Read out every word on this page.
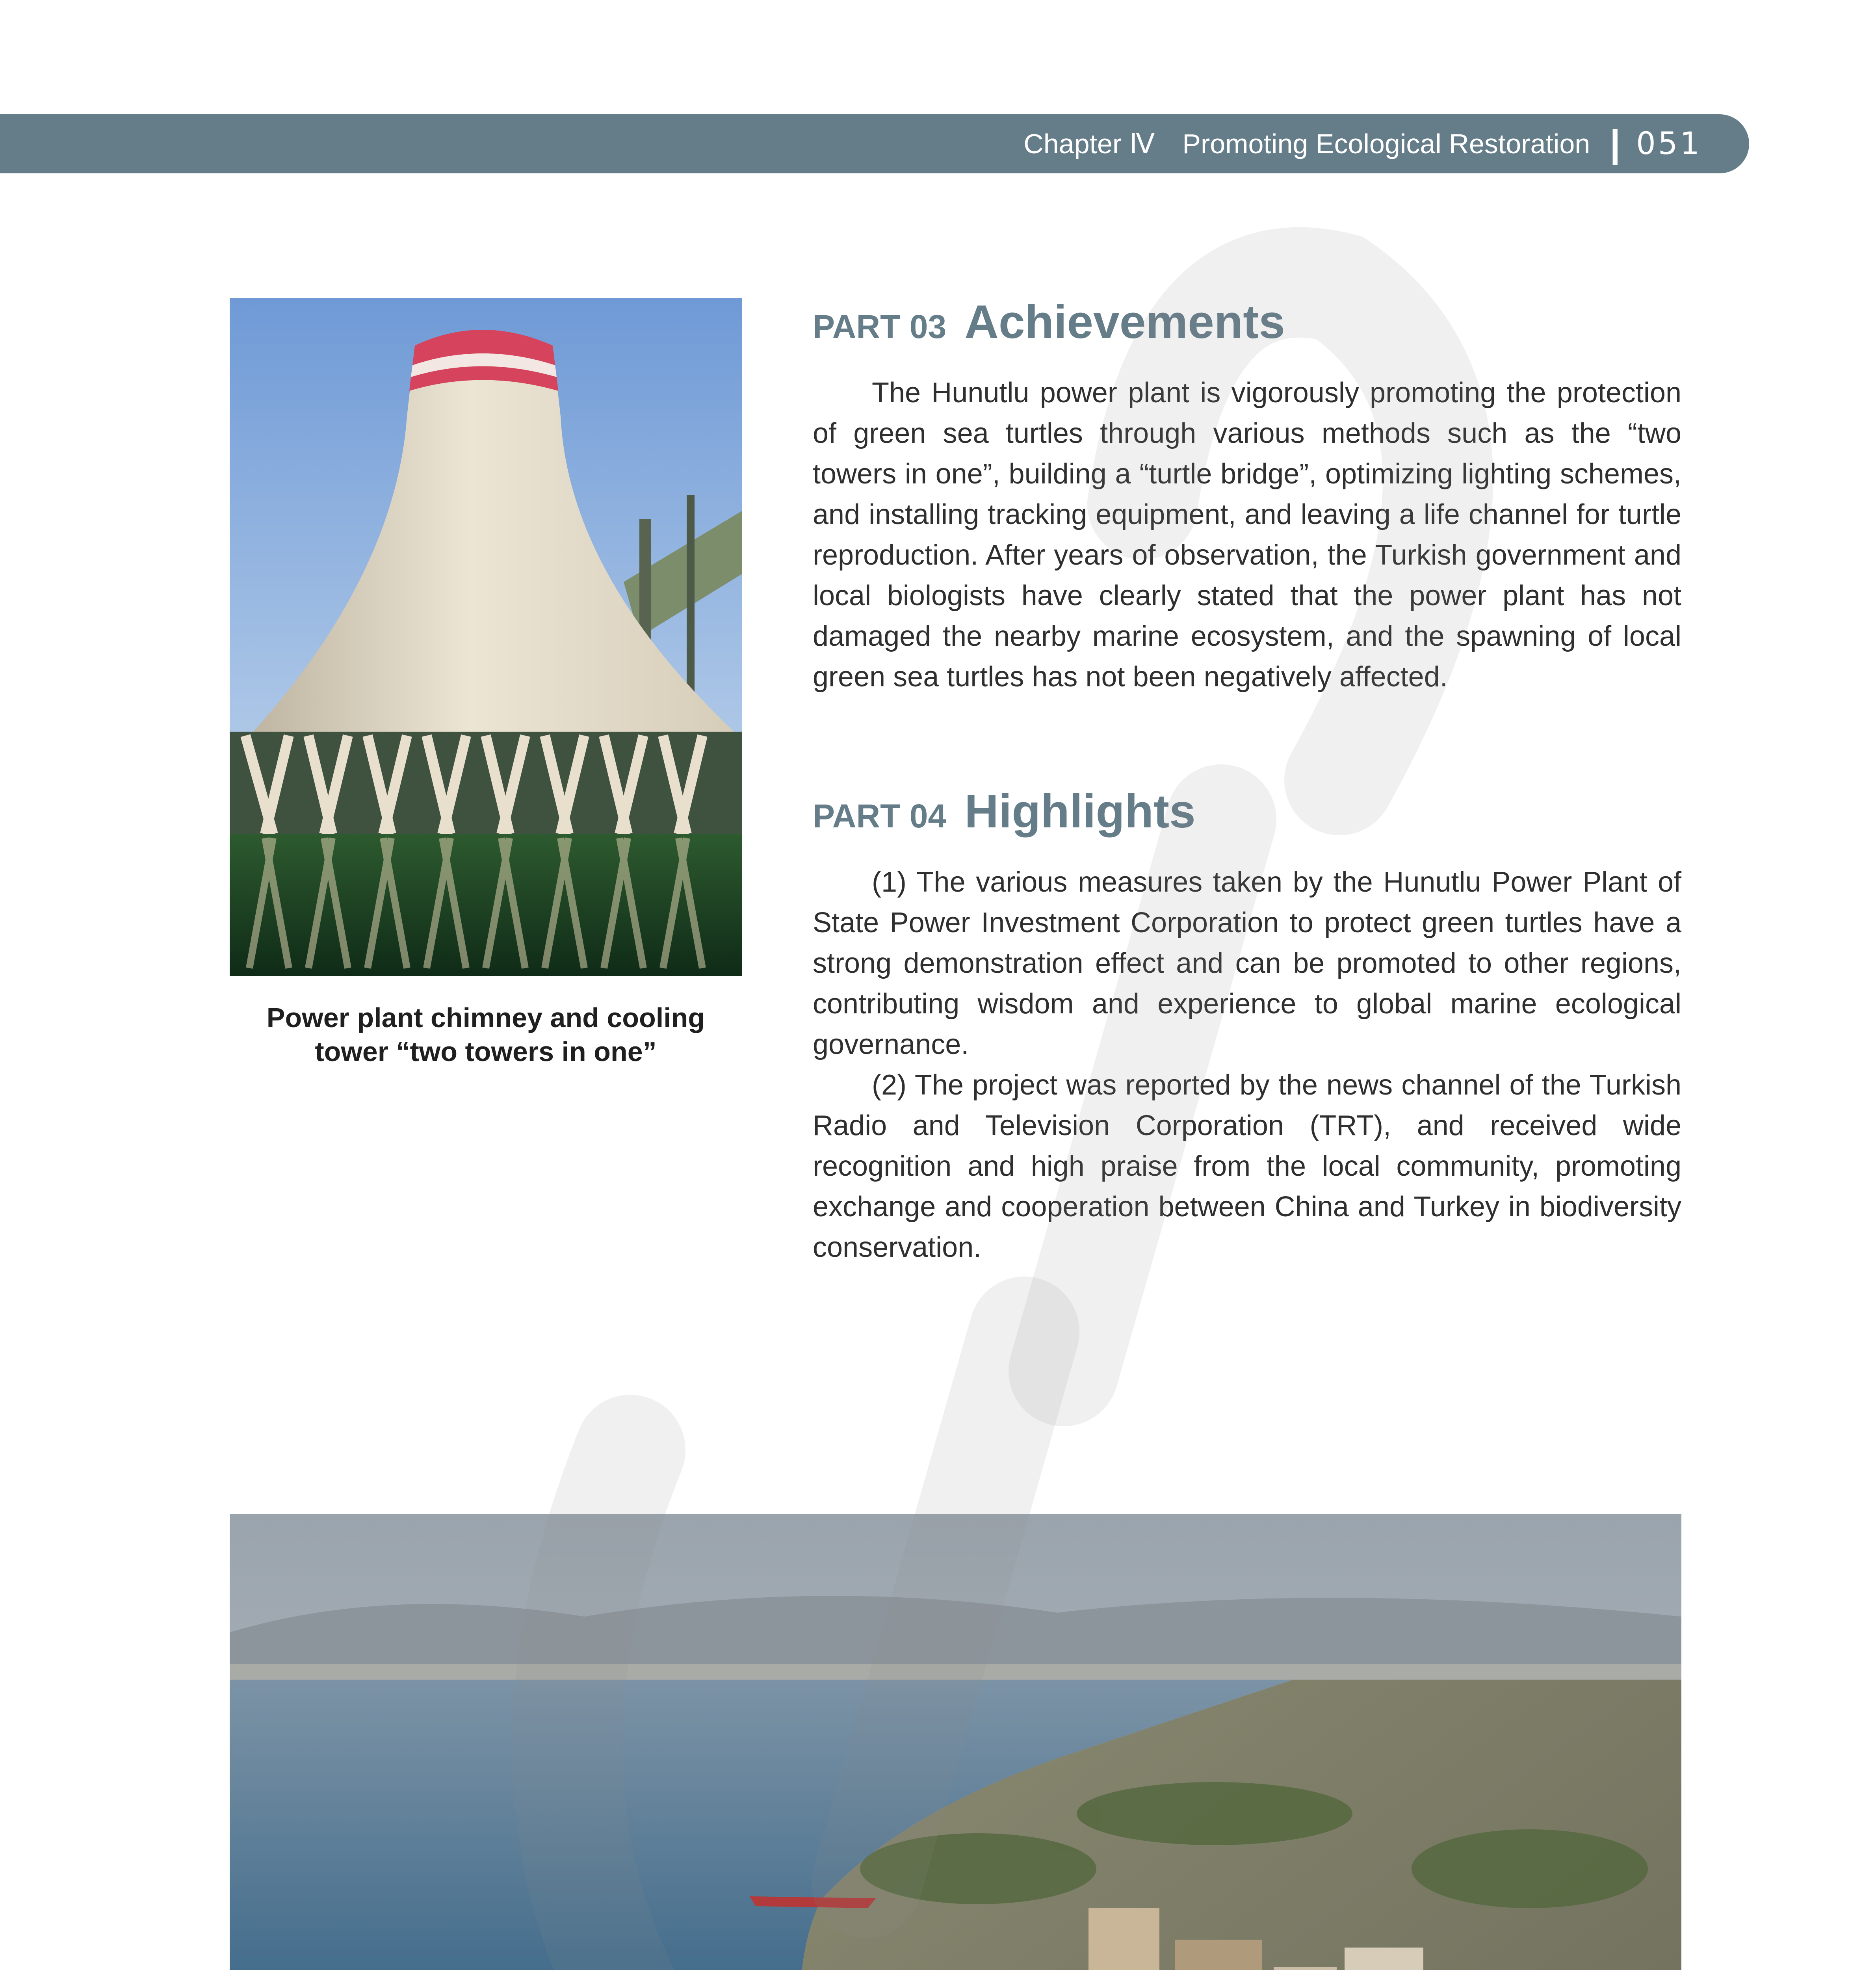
Chapter Ⅳ Promoting Ecological Restoration | 051
Power plant chimney and cooling
tower “two towers in one”
PART 03 Achievements

The Hunutlu power plant is vigorously promoting the protection of green sea turtles through various methods such as the “two towers in one”, building a “turtle bridge”, optimizing lighting schemes, and installing tracking equipment, and leaving a life channel for turtle reproduction. After years of observation, the Turkish government and local biologists have clearly stated that the power plant has not damaged the nearby marine ecosystem, and the spawning of local green sea turtles has not been negatively affected.

PART 04 Highlights

(1) The various measures taken by the Hunutlu Power Plant of State Power Investment Corporation to protect green turtles have a strong demonstration effect and can be promoted to other regions, contributing wisdom and experience to global marine ecological governance.

(2) The project was reported by the news channel of the Turkish Radio and Television Corporation (TRT), and received wide recognition and high praise from the local community, promoting exchange and cooperation between China and Turkey in biodiversity conservation.
